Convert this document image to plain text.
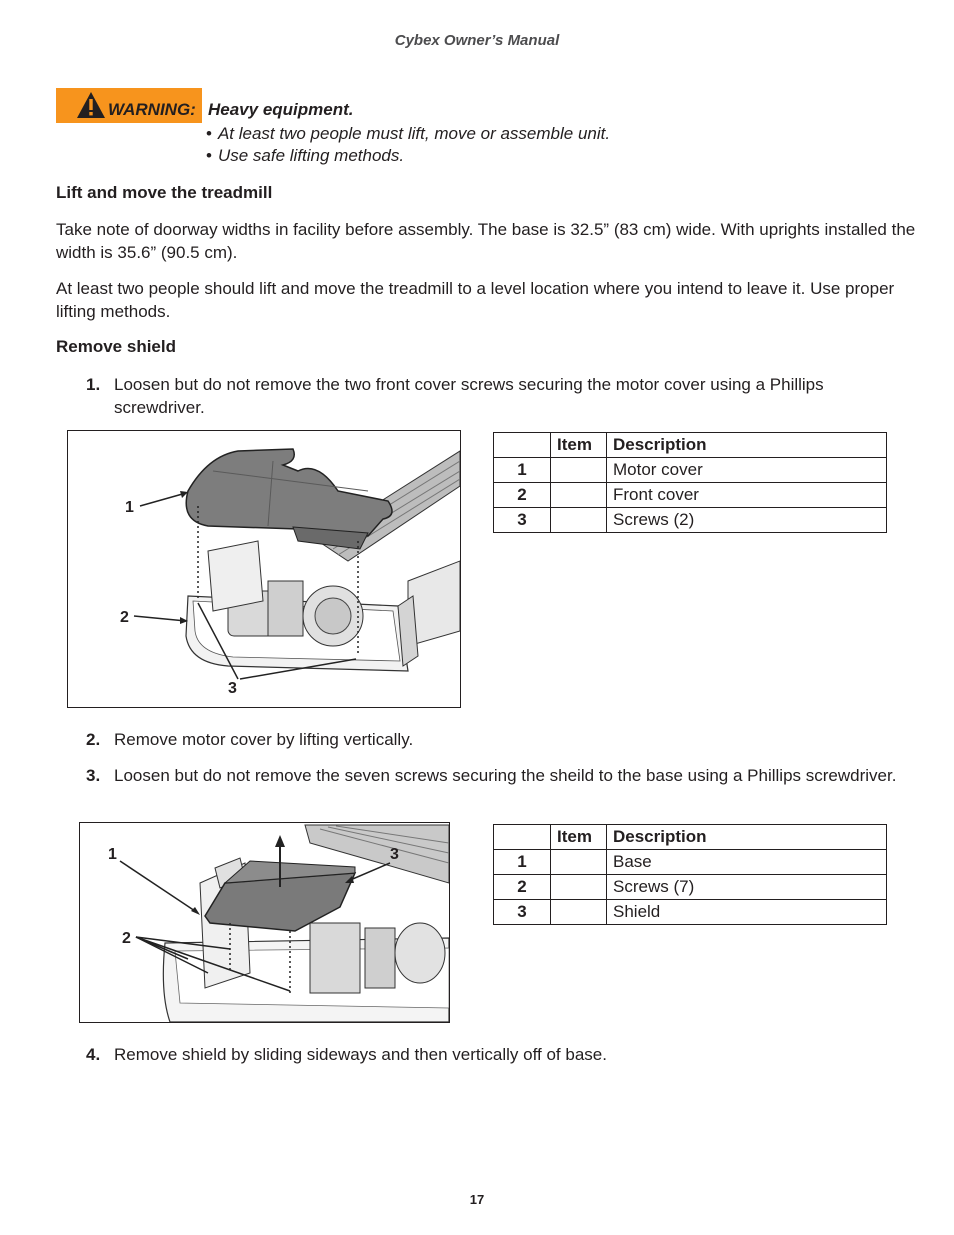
Cybex Owner’s Manual
WARNING: Heavy equipment.
• At least two people must lift, move or assemble unit.
• Use safe lifting methods.
Lift and move the treadmill
Take note of doorway widths in facility before assembly. The base is 32.5” (83 cm) wide. With uprights installed the width is 35.6” (90.5 cm).
At least two people should lift and move the treadmill to a level location where you intend to leave it. Use proper lifting methods.
Remove shield
1. Loosen but do not remove the two front cover screws securing the motor cover using a Phillips screwdriver.
1
2
3
	Item	Description
1		Motor cover
2		Front cover
3		Screws (2)
2. Remove motor cover by lifting vertically.
3. Loosen but do not remove the seven screws securing the sheild to the base using a Phillips screwdriver.
1	3
2
	Item	Description
1		Base
2		Screws (7)
3		Shield
4. Remove shield by sliding sideways and then vertically off of base.
17
